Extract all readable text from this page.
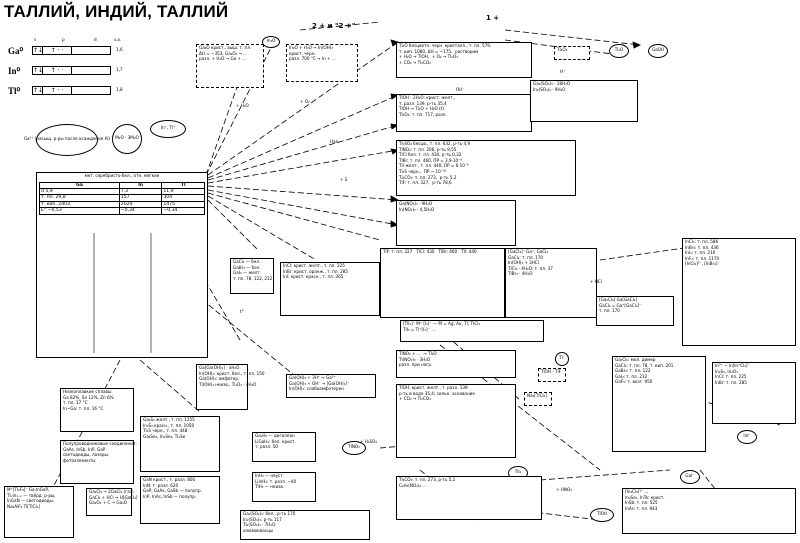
ТАЛЛИЙ, ИНДИЙ, ТАЛЛИЙ
2 + и "2 +"
1 +
s	p	d	s.o.
Ga⁰ ↑↓	↑ · ·	1,6
In⁰ ↑↓	↑ · ·	1,7
Tl⁰ ↑↓	↑ · ·	1,8
Ga³⁺ (насыщ. р-ры после осаждения Al)	M₂O · 3M₂O
In⁺, Tl⁺
In₂O
GaOH
Tl₂O
TlNO₃
TlOH
TlI₂
GaI⁻
InI⁻
Tl⁻
мет. серебристо-бел., отн. мягкие
Ga	In	Tl
d 5,9	7,3	11,9
т. пл. 29,8	157	304
т. кип. 2403	2024	1475
E° −0,53	−0,34	−0,34
Ga₂O крист., выш. т. пл.
ΔH = −353, Ga₂O₃ → ...
разл. + H₂O → Ga + ...
In₂O + H₂O → In(OH)₃
крист. черн.
разл. 700 °C → In + ...
Tl₂O бесцветн. черн. кристалл., т. пл. 579,
т. кип. 1080, ΔH = −175,  растворим
+ H₂O → TlOH,  + O₂ → Tl₂O₃
+ CO₂ → Tl₂CO₃
TlOH · 2H₂O: крист. желт.,
т. разл. 139, р-ть 35,4
TlOH → Tl₂O + H₂O (t)
Tl₂O₃: т. пл. 717, разл.
Tl₂SO₄ бесцв., т. пл. 632, р-ть 4,9
TlNO₃: т. пл. 206, р-ть 9,55
TlCl бел. т. пл. 430, р-ть 0,32
TlBr: т. пл. 460, ПР = 3,9·10⁻⁶
TlI желт., т. пл. 440, ПР = 6·10⁻⁸
Tl₂S черн.,  ПР ~ 10⁻²⁰
Tl₂CO₃: т. пл. 273,  р-ть 5,2
TlF: т. пл. 327,  р-ть 78,6
Tl₂O₃
Ga₂(SO₄)₃ · 18H₂O
In₂(SO₄)₃ · 9H₂O
Ga(NO₃)₃ · 9H₂O
In(NO₃)₃ · 4,5H₂O
GaCl₃ — бел.
GaBr₃ — бел.
GaI₃ — желт.
т. пл. 78, 122, 212
InCl: крист. желт., т. пл. 225
InBr: крист. оранж., т. пл. 285
InI: крист. красн., т. пл. 365
TlF: т. пл. 327   TlCl: 430   TlBr: 460   TlI: 440	[GaCl₄]⁻ Ga⁺, GaCl₂
GaCl₂: т. пл. 170
In(OH)₃ + 3HCl
TlCl₃ · 4H₂O: т. пл. 37
TlBr₃ · 4H₂O
[TlI₄]⁻ M⁺ [I₃]⁻ — M = Ag, Au, Tl; TlCl₃
TlI₃ = Tl⁺[I₃]⁻  ...
Низкоплавкие сплавы:
Ga 82%, Sn 12%, Zn 6%
т. пл. 17 °C
In−Ga: т. пл. 16 °C
Полупроводниковые соединения:
GaAs, InSb, InP, GaP
светодиоды, лазеры,
фотоэлементы
M⁺[Tl₂F₉]⁻ Ga·InGaP,
TlₓIn₁₋ₓ — твёрд. р-ры,
InGaN — светодиоды,
Na₃AlF₆ Tl[TlCl₄]
Ga₂Cl₆ → 2GaCl₃ (газ)
GaCl₃ + HCl → H[GaCl₄]
Ga₂O₃ + C → Ga₂O
Ga₂S₃ желт., т. пл. 1255
In₂S₃ красн., т. пл. 1050
Tl₂S черн., т. пл. 448
Ga₂Se₃, In₂Se₃, Tl₂Se
GaN крист., т. разл. 800
InN: т. разл. 620
GaP, GaAs, GaSb — полупр.
InP, InAs, InSb — полупр.
Ga[Ga(OH)₄] · xH₂O
In(OH)₃: крист. бел., т. пл. 150
Ga(OH)₃: амфотер.
Tl(OH)₃ неизв., Tl₂O₃ · xH₂O
Ga₂H₆ — дигаллан
LiGaH₄: бел. крист.
т. разл. 50
InH₃ — неуст.
LiInH₄: т. разл. −40
TlH₃ — неизв.
Ga(OH)₃ + 3H⁺ → Ga³⁺
Ga(OH)₃ + OH⁻ → [Ga(OH)₄]⁻
In(OH)₃: слабоамфотерен
Ga₂(SO₄)₃: бел., р-ть 170
In₂(SO₄)₃: р-ть 117
Tl₂(SO₄)₃ · 7H₂O
алюмоквасцы
TlNO₃ + ...  → Tl₂O
Tl(NO₃)₃ · 3H₂O
разл. при нагр.
TlOH: крист. желт., т. разл. 139
р-ть в воде 35,4; сильн. основание
+ CO₂ → Tl₂CO₃
Tl₂CO₃: т. пл. 273, р-ть 5,2
C₂H₅(NO₂)₂ …
TlOH · TlF
Na₃[TlCl₆]
[Ga₂Cl₆] Ga[GaCl₄]
GaCl₂ = Ga⁺[GaCl₄]⁻
т. пл. 170
InCl₃: т. пл. 586
InBr₃: т. пл. 436
InI₃: т. пл. 210
InF₃: т. пл. 1170
[InCl₆]³⁻, [InBr₄]⁻
Ga₂Cl₆: мол. димер
GaCl₃: т. пл. 78, т. кип. 201
GaBr₃: т. пл. 122
GaI₃: т. пл. 212
GaF₃: т. возг. 950
In³⁺ − In[In⁺Cl₄]⁻
In₂S₃, In₂O₃
InCl: т. пл. 225
InBr: т. пл. 285
[In₂Cl₉]³⁻ ...
In₂Se₃, InTe: крист.
InSb: т. пл. 525
InAs: т. пл. 943
+ H₂O
+ O₂
Hal₂
+ S
t°
H⁺
OH⁻
+ HCl
+ H₂SO₄
+ HNO₃
